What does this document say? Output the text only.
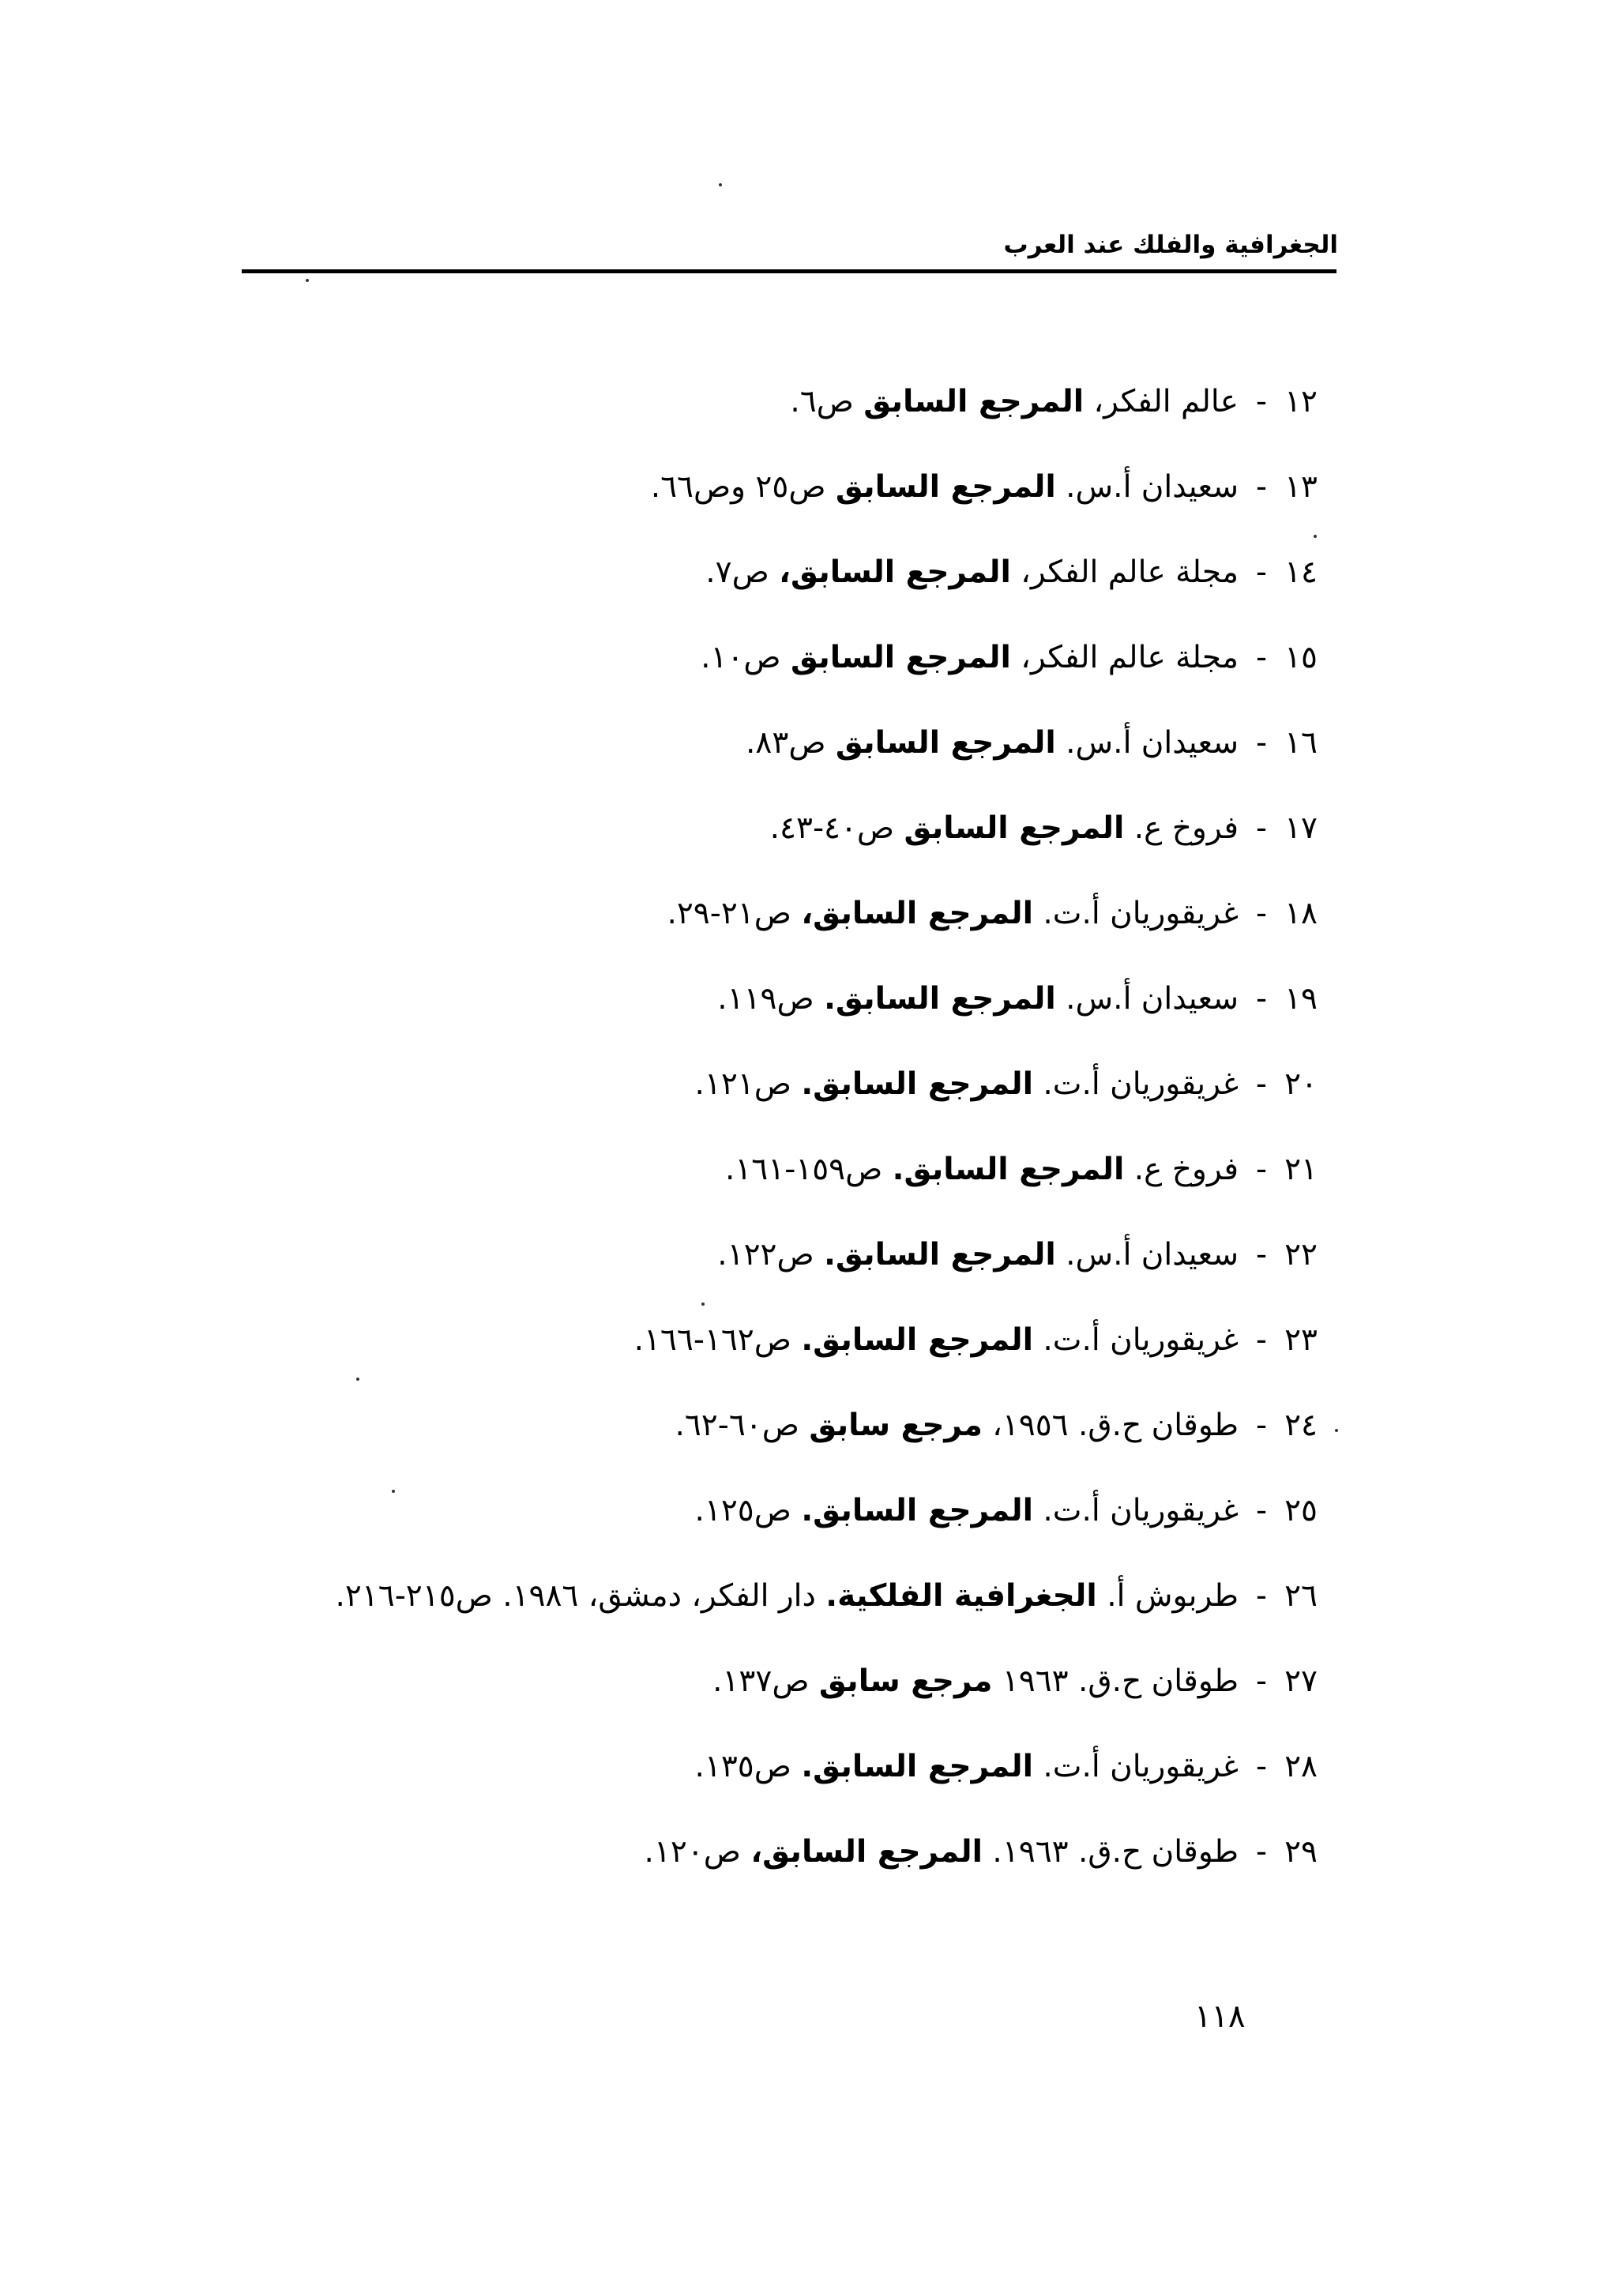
الجغرافية والفلك عند العرب
١٢-عالم الفكر، المرجع السابق ص٦.
١٣-سعيدان أ.س. المرجع السابق ص٢٥ وص٦٦.
١٤-مجلة عالم الفكر، المرجع السابق، ص٧.
١٥-مجلة عالم الفكر، المرجع السابق ص١٠.
١٦-سعيدان أ.س. المرجع السابق ص٨٣.
١٧-فروخ ع. المرجع السابق ص٤٠-٤٣.
١٨-غريقوريان أ.ت. المرجع السابق، ص٢١-٢٩.
١٩-سعيدان أ.س. المرجع السابق. ص١١٩.
٢٠-غريقوريان أ.ت. المرجع السابق. ص١٢١.
٢١-فروخ ع. المرجع السابق. ص١٥٩-١٦١.
٢٢-سعيدان أ.س. المرجع السابق. ص١٢٢.
٢٣-غريقوريان أ.ت. المرجع السابق. ص١٦٢-١٦٦.
٢٤-طوقان ح.ق. ١٩٥٦، مرجع سابق ص٦٠-٦٢.
٢٥-غريقوريان أ.ت. المرجع السابق. ص١٢٥.
٢٦-طربوش أ. الجغرافية الفلكية. دار الفكر، دمشق، ١٩٨٦. ص٢١٥-٢١٦.
٢٧-طوقان ح.ق. ١٩٦٣ مرجع سابق ص١٣٧.
٢٨-غريقوريان أ.ت. المرجع السابق. ص١٣٥.
٢٩-طوقان ح.ق. ١٩٦٣. المرجع السابق، ص١٢٠.
١١٨
